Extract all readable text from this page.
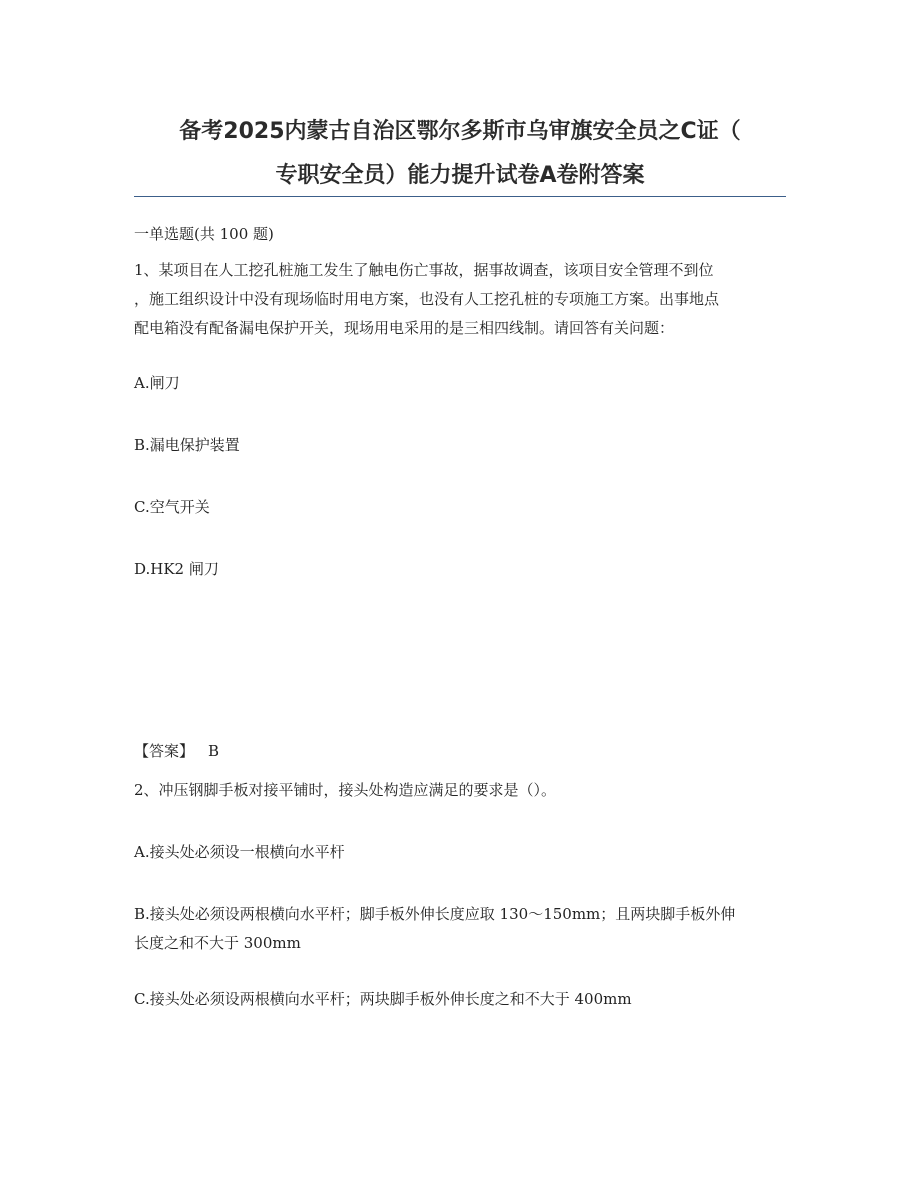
备考2025内蒙古自治区鄂尔多斯市乌审旗安全员之C证（
专职安全员）能力提升试卷A卷附答案
一单选题(共 100 题)
1、某项目在人工挖孔桩施工发生了触电伤亡事故，据事故调查，该项目安全管理不到位
，施工组织设计中没有现场临时用电方案，也没有人工挖孔桩的专项施工方案。出事地点
配电箱没有配备漏电保护开关，现场用电采用的是三相四线制。请回答有关问题：
A.闸刀
B.漏电保护装置
C.空气开关
D.HK2 闸刀
【答案】 B
2、冲压钢脚手板对接平铺时，接头处构造应满足的要求是（）。
A.接头处必须设一根横向水平杆
B.接头处必须设两根横向水平杆；脚手板外伸长度应取 130～150mm；且两块脚手板外伸
长度之和不大于 300mm
C.接头处必须设两根横向水平杆；两块脚手板外伸长度之和不大于 400mm
